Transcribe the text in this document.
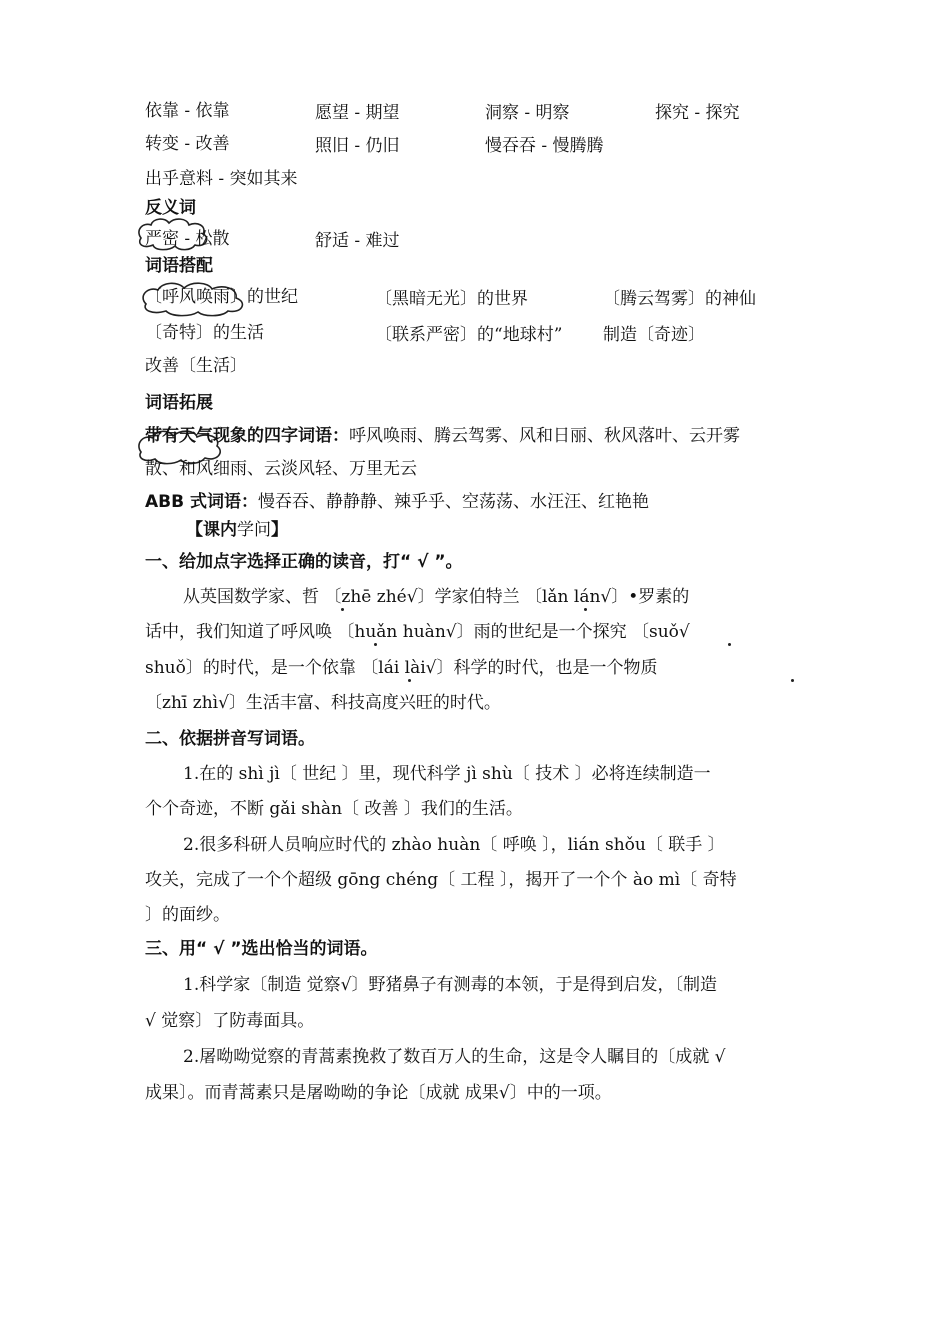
依靠 - 依靠	愿望 - 期望	洞察 - 明察	探究 - 探究
转变 - 改善	照旧 - 仍旧	慢吞吞 - 慢腾腾
出乎意料 - 突如其来
反义词
严密 - 松散	舒适 - 难过
词语搭配
〔呼风唤雨〕的世纪	〔黑暗无光〕的世界	〔腾云驾雾〕的神仙
〔奇特〕的生活	〔联系严密〕的“地球村” 制造〔奇迹〕
改善〔生活〕
词语拓展
带有天气现象的四字词语：呼风唤雨、腾云驾雾、风和日丽、秋风落叶、云开雾
散、和风细雨、云淡风轻、万里无云
ABB 式词语：慢吞吞、静静静、辣乎乎、空荡荡、水汪汪、红艳艳
【课内学问】
一、给加点字选择正确的读音，打“ √ ”。
从英国数学家、哲 〔zhē zhé√〕学家伯特兰 〔lǎn lán√〕•罗素的
话中，我们知道了呼风唤 〔huǎn huàn√〕雨的世纪是一个探究 〔suǒ√
shuǒ〕的时代，是一个依靠 〔lái lài√〕科学的时代，也是一个物质
〔zhī zhì√〕生活丰富、科技高度兴旺的时代。
二、依据拼音写词语。
1.在的 shì jì〔 世纪 〕里，现代科学 jì shù〔 技术 〕必将连续制造一
个个奇迹，不断 gǎi shàn〔 改善 〕我们的生活。
2.很多科研人员响应时代的 zhào huàn〔 呼唤 〕，lián shǒu〔 联手 〕
攻关，完成了一个个超级 gōng chéng〔 工程 〕，揭开了一个个 ào mì〔 奇特
〕的面纱。
三、用“ √ ”选出恰当的词语。
1.科学家〔制造 觉察√〕野猪鼻子有测毒的本领，于是得到启发，〔制造
√ 觉察〕了防毒面具。
2.屠呦呦觉察的青蒿素挽救了数百万人的生命，这是令人瞩目的〔成就 √
成果〕。而青蒿素只是屠呦呦的争论〔成就 成果√〕中的一项。
